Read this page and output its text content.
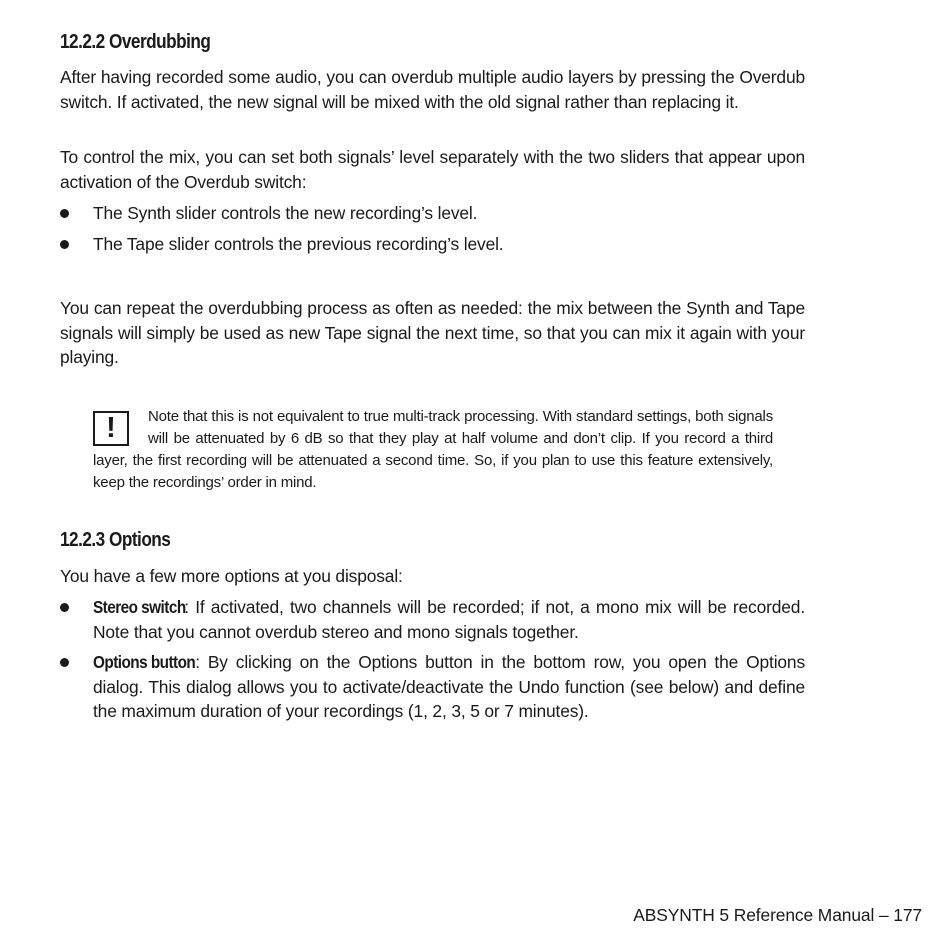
12.2.2 Overdubbing

After having recorded some audio, you can overdub multiple audio layers by pressing the Overdub switch. If activated, the new signal will be mixed with the old signal rather than replacing it.

To control the mix, you can set both signals’ level separately with the two sliders that appear upon activation of the Overdub switch:

The Synth slider controls the new recording’s level.

The Tape slider controls the previous recording’s level.

You can repeat the overdubbing process as often as needed: the mix between the Synth and Tape signals will simply be used as new Tape signal the next time, so that you can mix it again with your playing.

!	Note that this is not equivalent to true multi-track processing. With standard settings, both signals will be attenuated by 6 dB so that they play at half volume and don’t clip. If you record a third layer, the first recording will be attenuated a second time. So, if you plan to use this feature extensively, keep the recordings’ order in mind.

12.2.3 Options

You have a few more options at you disposal:

Stereo switch: If activated, two channels will be recorded; if not, a mono mix will be recorded. Note that you cannot overdub stereo and mono signals together.

Options button: By clicking on the Options button in the bottom row, you open the Options dialog. This dialog allows you to activate/deactivate the Undo function (see below) and define the maximum duration of your recordings (1, 2, 3, 5 or 7 minutes).

ABSYNTH 5 Reference Manual – 177
